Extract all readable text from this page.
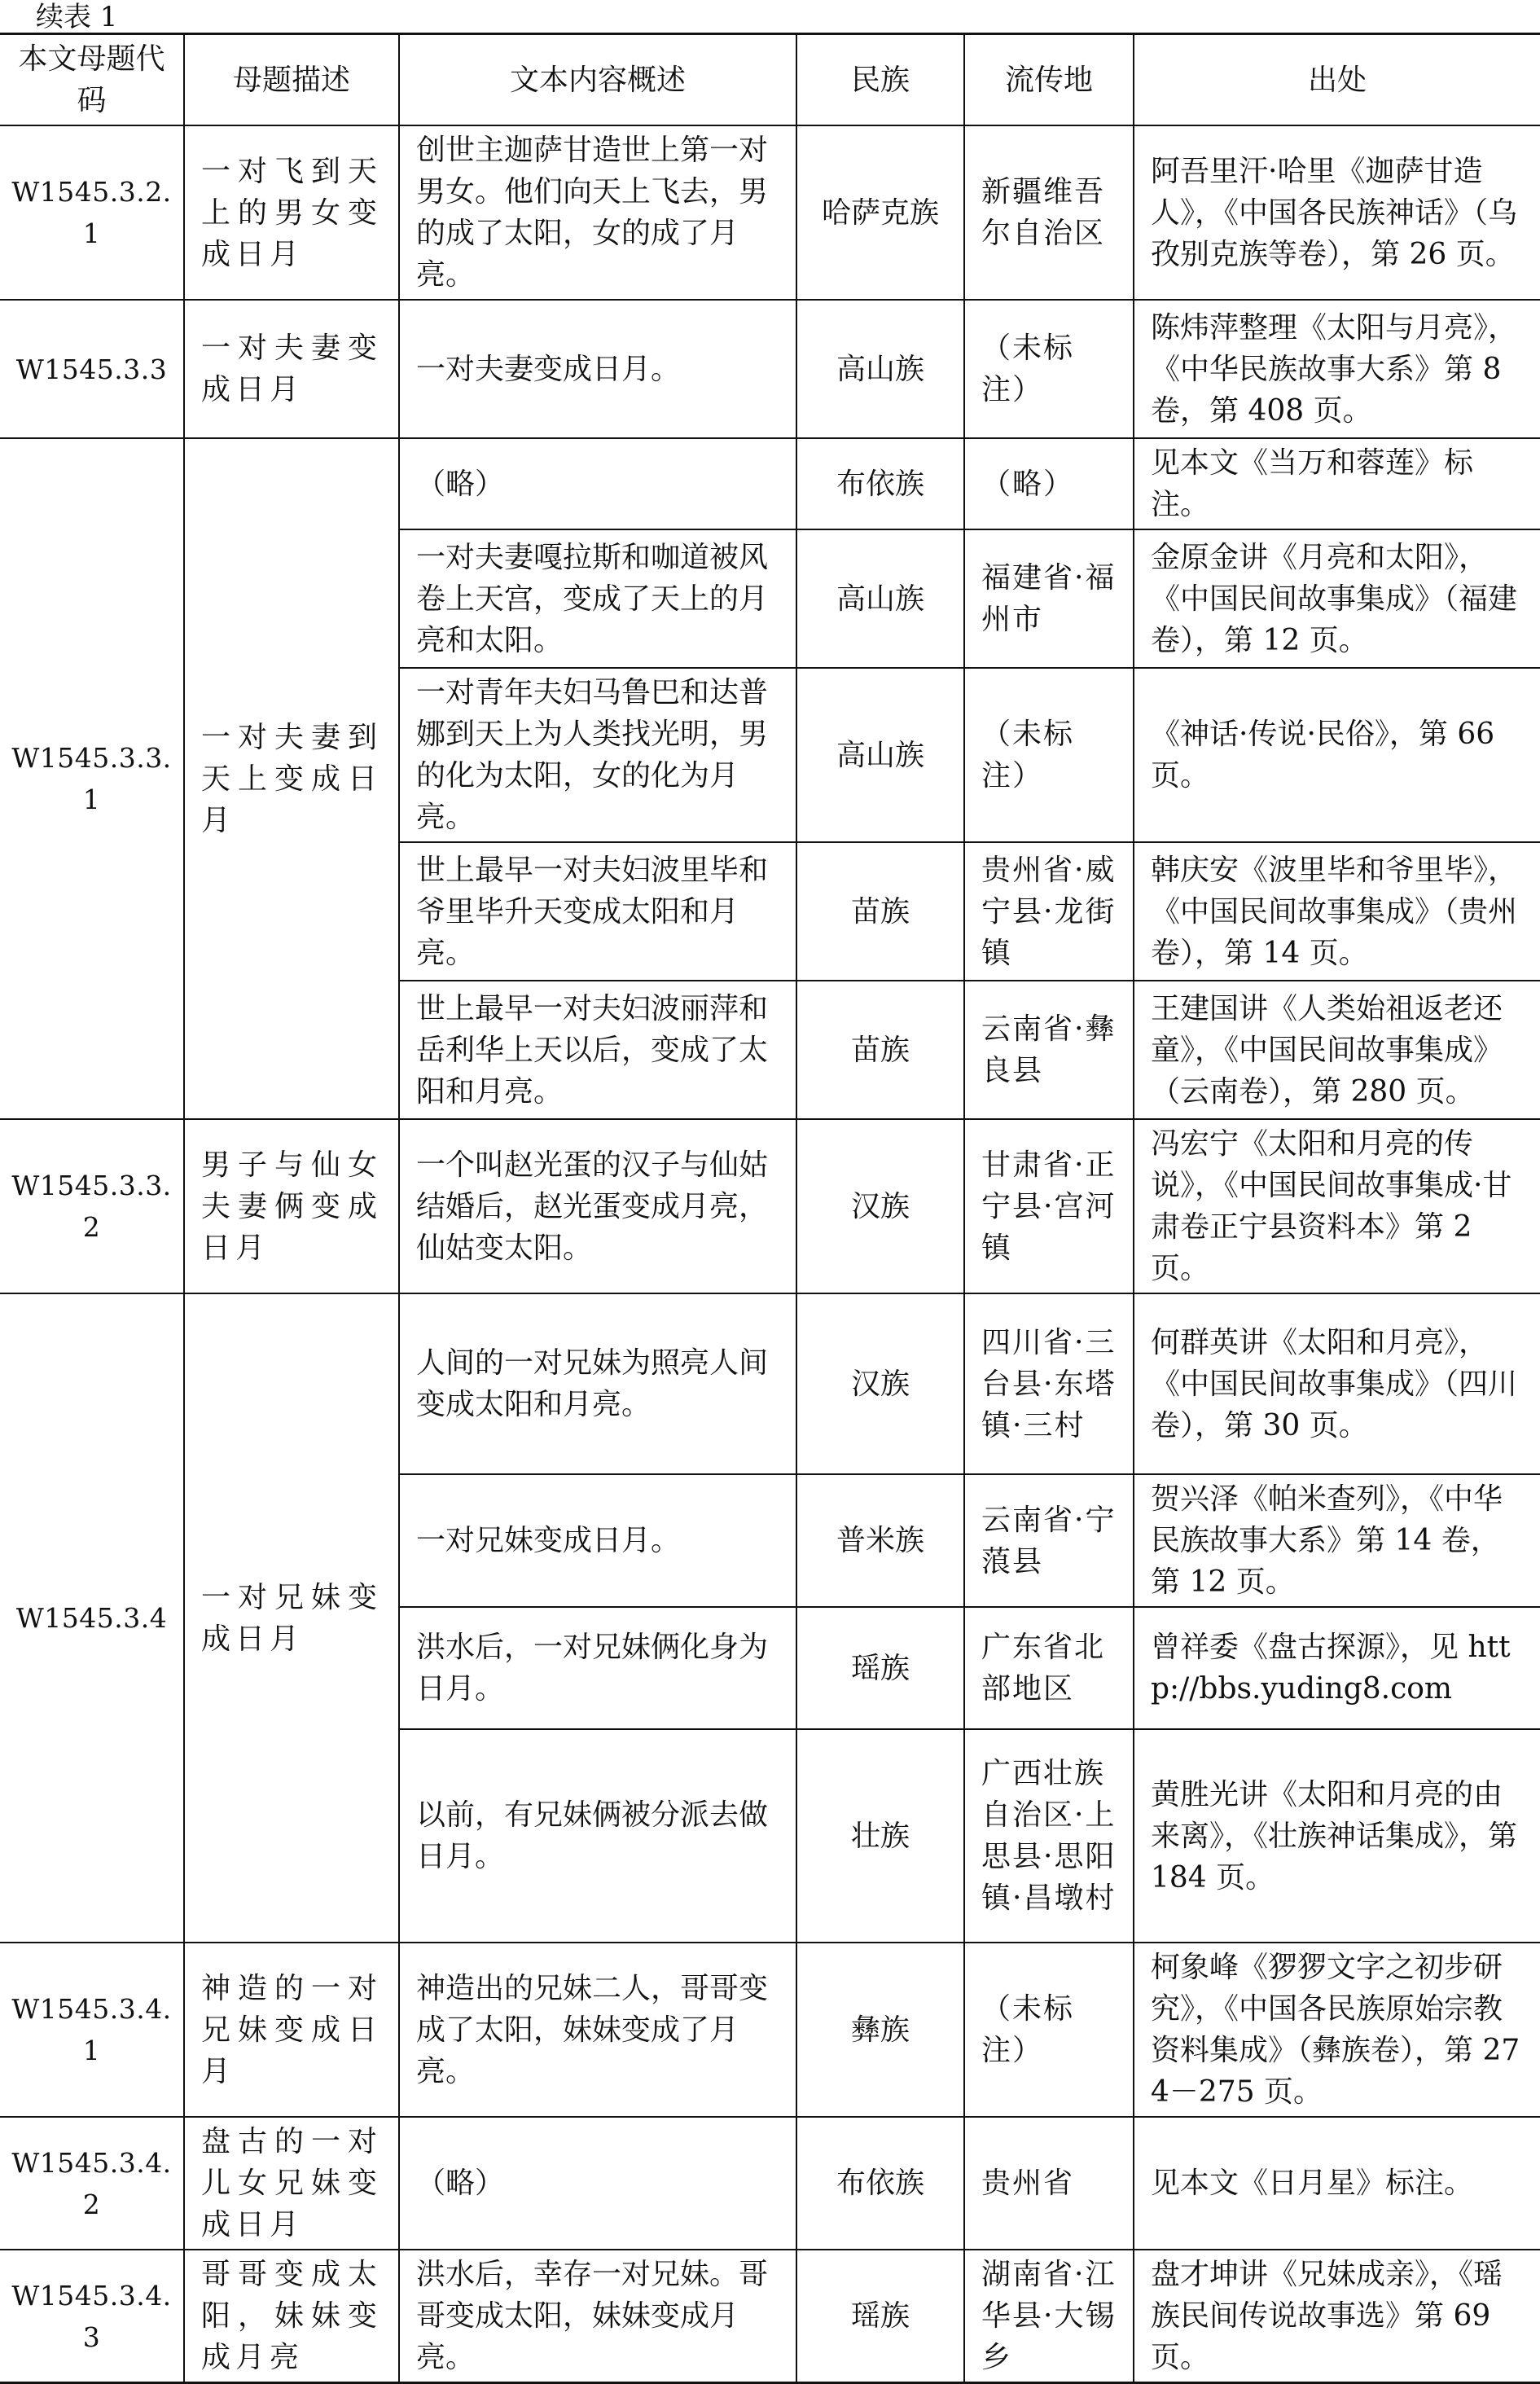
续表 1
本文母题代码	母题描述	文本内容概述	民族	流传地	出处
W1545.3.2.1	一对飞到天上的男女变成日月	创世主迦萨甘造世上第一对男女。他们向天上飞去，男的成了太阳，女的成了月亮。	哈萨克族	新疆维吾尔自治区	阿吾里汗·哈里《迦萨甘造人》，《中国各民族神话》（乌孜别克族等卷），第 26 页。
W1545.3.3	一对夫妻变成日月	一对夫妻变成日月。	高山族	（未标注）	陈炜萍整理《太阳与月亮》，《中华民族故事大系》第 8 卷，第 408 页。
W1545.3.3.1	一对夫妻到天上变成日月	（略）	布依族	（略）	见本文《当万和蓉莲》标注。
		一对夫妻嘎拉斯和咖道被风卷上天宫，变成了天上的月亮和太阳。	高山族	福建省·福州市	金原金讲《月亮和太阳》，《中国民间故事集成》（福建卷），第 12 页。
		一对青年夫妇马鲁巴和达普娜到天上为人类找光明，男的化为太阳，女的化为月亮。	高山族	（未标注）	《神话·传说·民俗》，第 66 页。
		世上最早一对夫妇波里毕和爷里毕升天变成太阳和月亮。	苗族	贵州省·威宁县·龙街镇	韩庆安《波里毕和爷里毕》，《中国民间故事集成》（贵州卷），第 14 页。
		世上最早一对夫妇波丽萍和岳利华上天以后，变成了太阳和月亮。	苗族	云南省·彝良县	王建国讲《人类始祖返老还童》，《中国民间故事集成》（云南卷），第 280 页。
W1545.3.3.2	男子与仙女夫妻俩变成日月	一个叫赵光蛋的汉子与仙姑结婚后，赵光蛋变成月亮，仙姑变太阳。	汉族	甘肃省·正宁县·宫河镇	冯宏宁《太阳和月亮的传说》，《中国民间故事集成·甘肃卷正宁县资料本》第 2 页。
W1545.3.4	一对兄妹变成日月	人间的一对兄妹为照亮人间变成太阳和月亮。	汉族	四川省·三台县·东塔镇·三村	何群英讲《太阳和月亮》，《中国民间故事集成》（四川卷），第 30 页。
		一对兄妹变成日月。	普米族	云南省·宁蒗县	贺兴泽《帕米查列》，《中华民族故事大系》第 14 卷，第 12 页。
		洪水后，一对兄妹俩化身为日月。	瑶族	广东省北部地区	曾祥委《盘古探源》，见 http://bbs.yuding8.com
		以前，有兄妹俩被分派去做日月。	壮族	广西壮族自治区·上思县·思阳镇·昌墩村	黄胜光讲《太阳和月亮的由来离》，《壮族神话集成》，第 184 页。
W1545.3.4.1	神造的一对兄妹变成日月	神造出的兄妹二人，哥哥变成了太阳，妹妹变成了月亮。	彝族	（未标注）	柯象峰《猡猡文字之初步研究》，《中国各民族原始宗教资料集成》（彝族卷），第 274－275 页。
W1545.3.4.2	盘古的一对儿女兄妹变成日月	（略）	布依族	贵州省	见本文《日月星》标注。
W1545.3.4.3	哥哥变成太阳，妹妹变成月亮	洪水后，幸存一对兄妹。哥哥变成太阳，妹妹变成月亮。	瑶族	湖南省·江华县·大锡乡	盘才坤讲《兄妹成亲》，《瑶族民间传说故事选》第 69 页。
